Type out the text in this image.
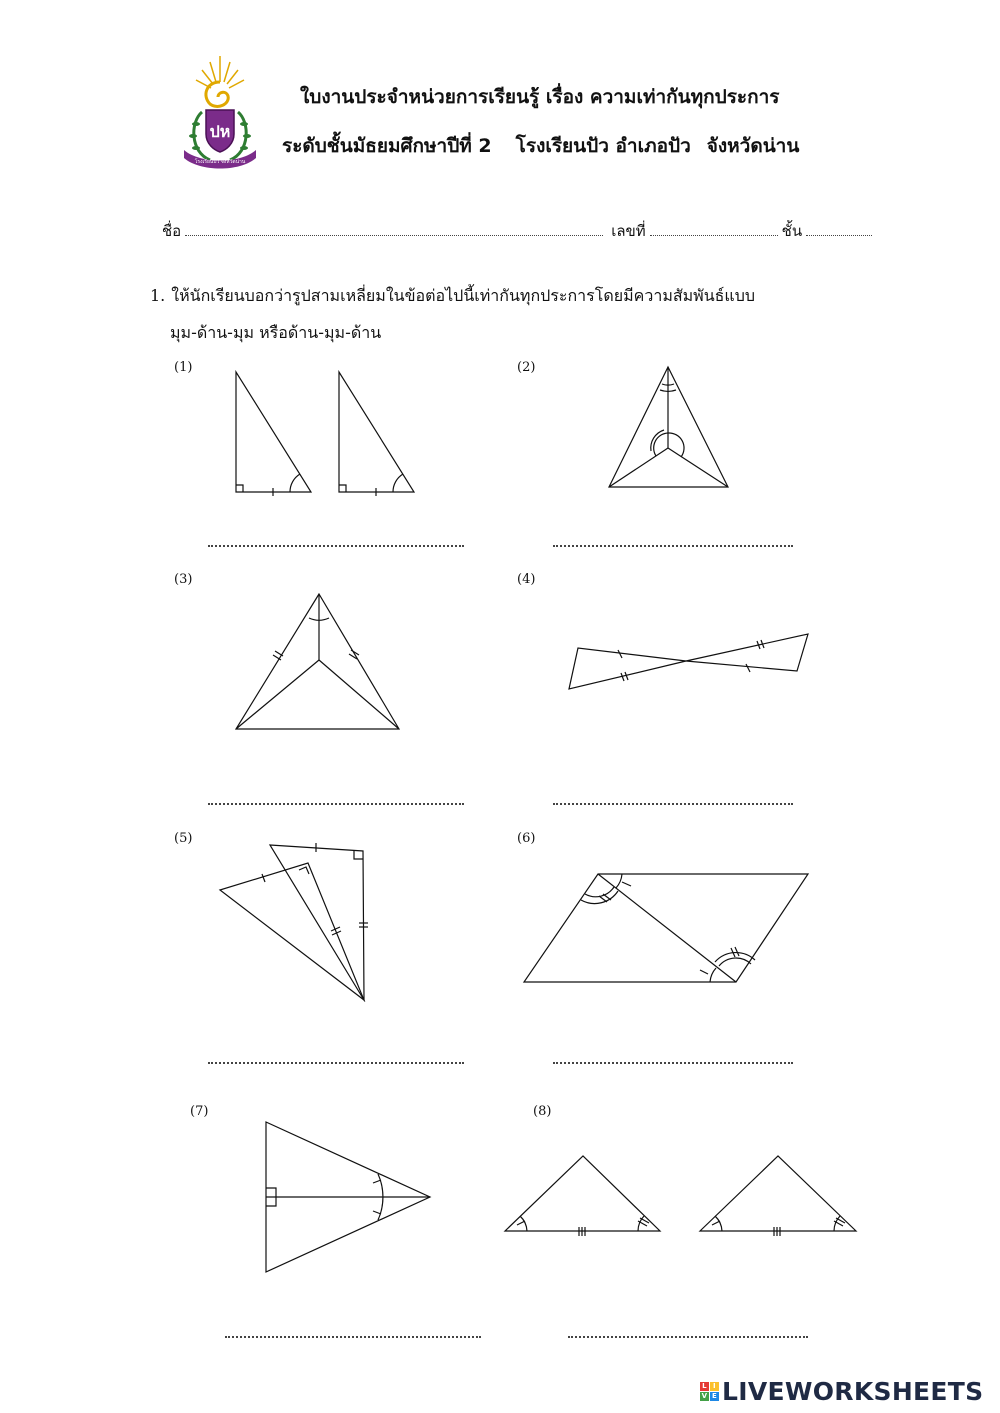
ปห
โรงเรียนปัว จังหวัดน่าน
ใบงานประจำหน่วยการเรียนรู้ เรื่อง ความเท่ากันทุกประการ
ระดับชั้นมัธยมศึกษาปีที่ 2 โรงเรียนปัว อำเภอปัว จังหวัดน่าน
ชื่อ	เลขที่	ชั้น
1. ให้นักเรียนบอกว่ารูปสามเหลี่ยมในข้อต่อไปนี้เท่ากันทุกประการโดยมีความสัมพันธ์แบบ
มุม-ด้าน-มุม หรือด้าน-มุม-ด้าน
(1)	(2)
(3)	(4)
(5)	(6)
(7)	(8)
L I
V E LIVEWORKSHEETS
